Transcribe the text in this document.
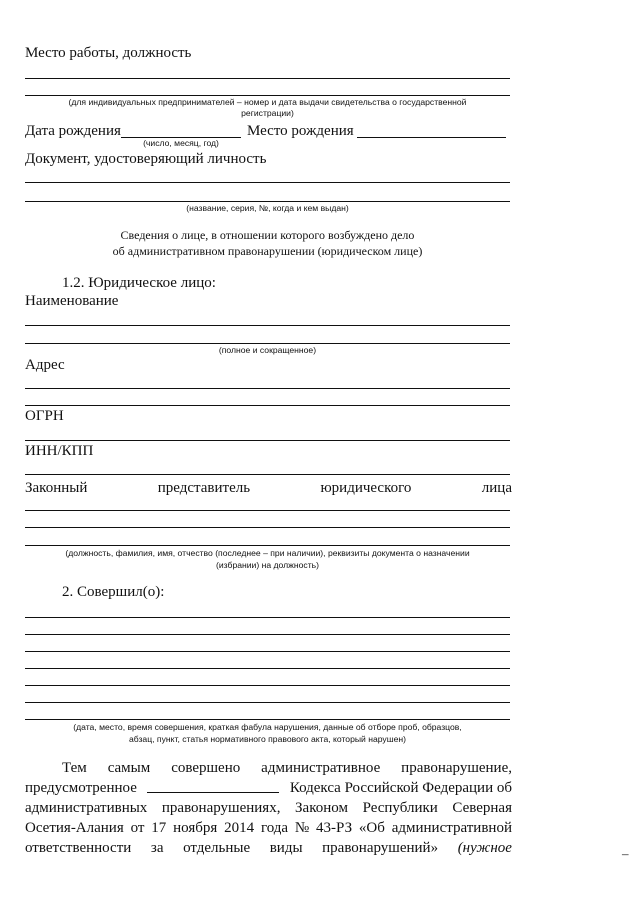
Место работы, должность
(для индивидуальных предпринимателей – номер и дата выдачи свидетельства о государственной
регистрации)
Дата рождения	Место рождения
(число, месяц, год)
Документ, удостоверяющий личность
(название, серия, №, когда и кем выдан)
Сведения о лице, в отношении которого возбуждено дело
об административном правонарушении (юридическом лице)
1.2. Юридическое лицо:
Наименование
(полное и сокращенное)
Адрес
ОГРН
ИНН/КПП
Законный	представитель	юридического	лица
(должность, фамилия, имя, отчество (последнее – при наличии), реквизиты документа о назначении
(избрании) на должность)
2. Совершил(о):
(дата, место, время совершения, краткая фабула нарушения, данные об отборе проб, образцов,
абзац, пункт, статья нормативного правового акта, который нарушен)
Тем самым совершено административное правонарушение,
предусмотренное	Кодекса Российской Федерации об
административных правонарушениях, Законом Республики Северная
Осетия-Алания от 17 ноября 2014 года № 43-РЗ «Об административной
ответственности за отдельные виды правонарушений» (нужное	–
